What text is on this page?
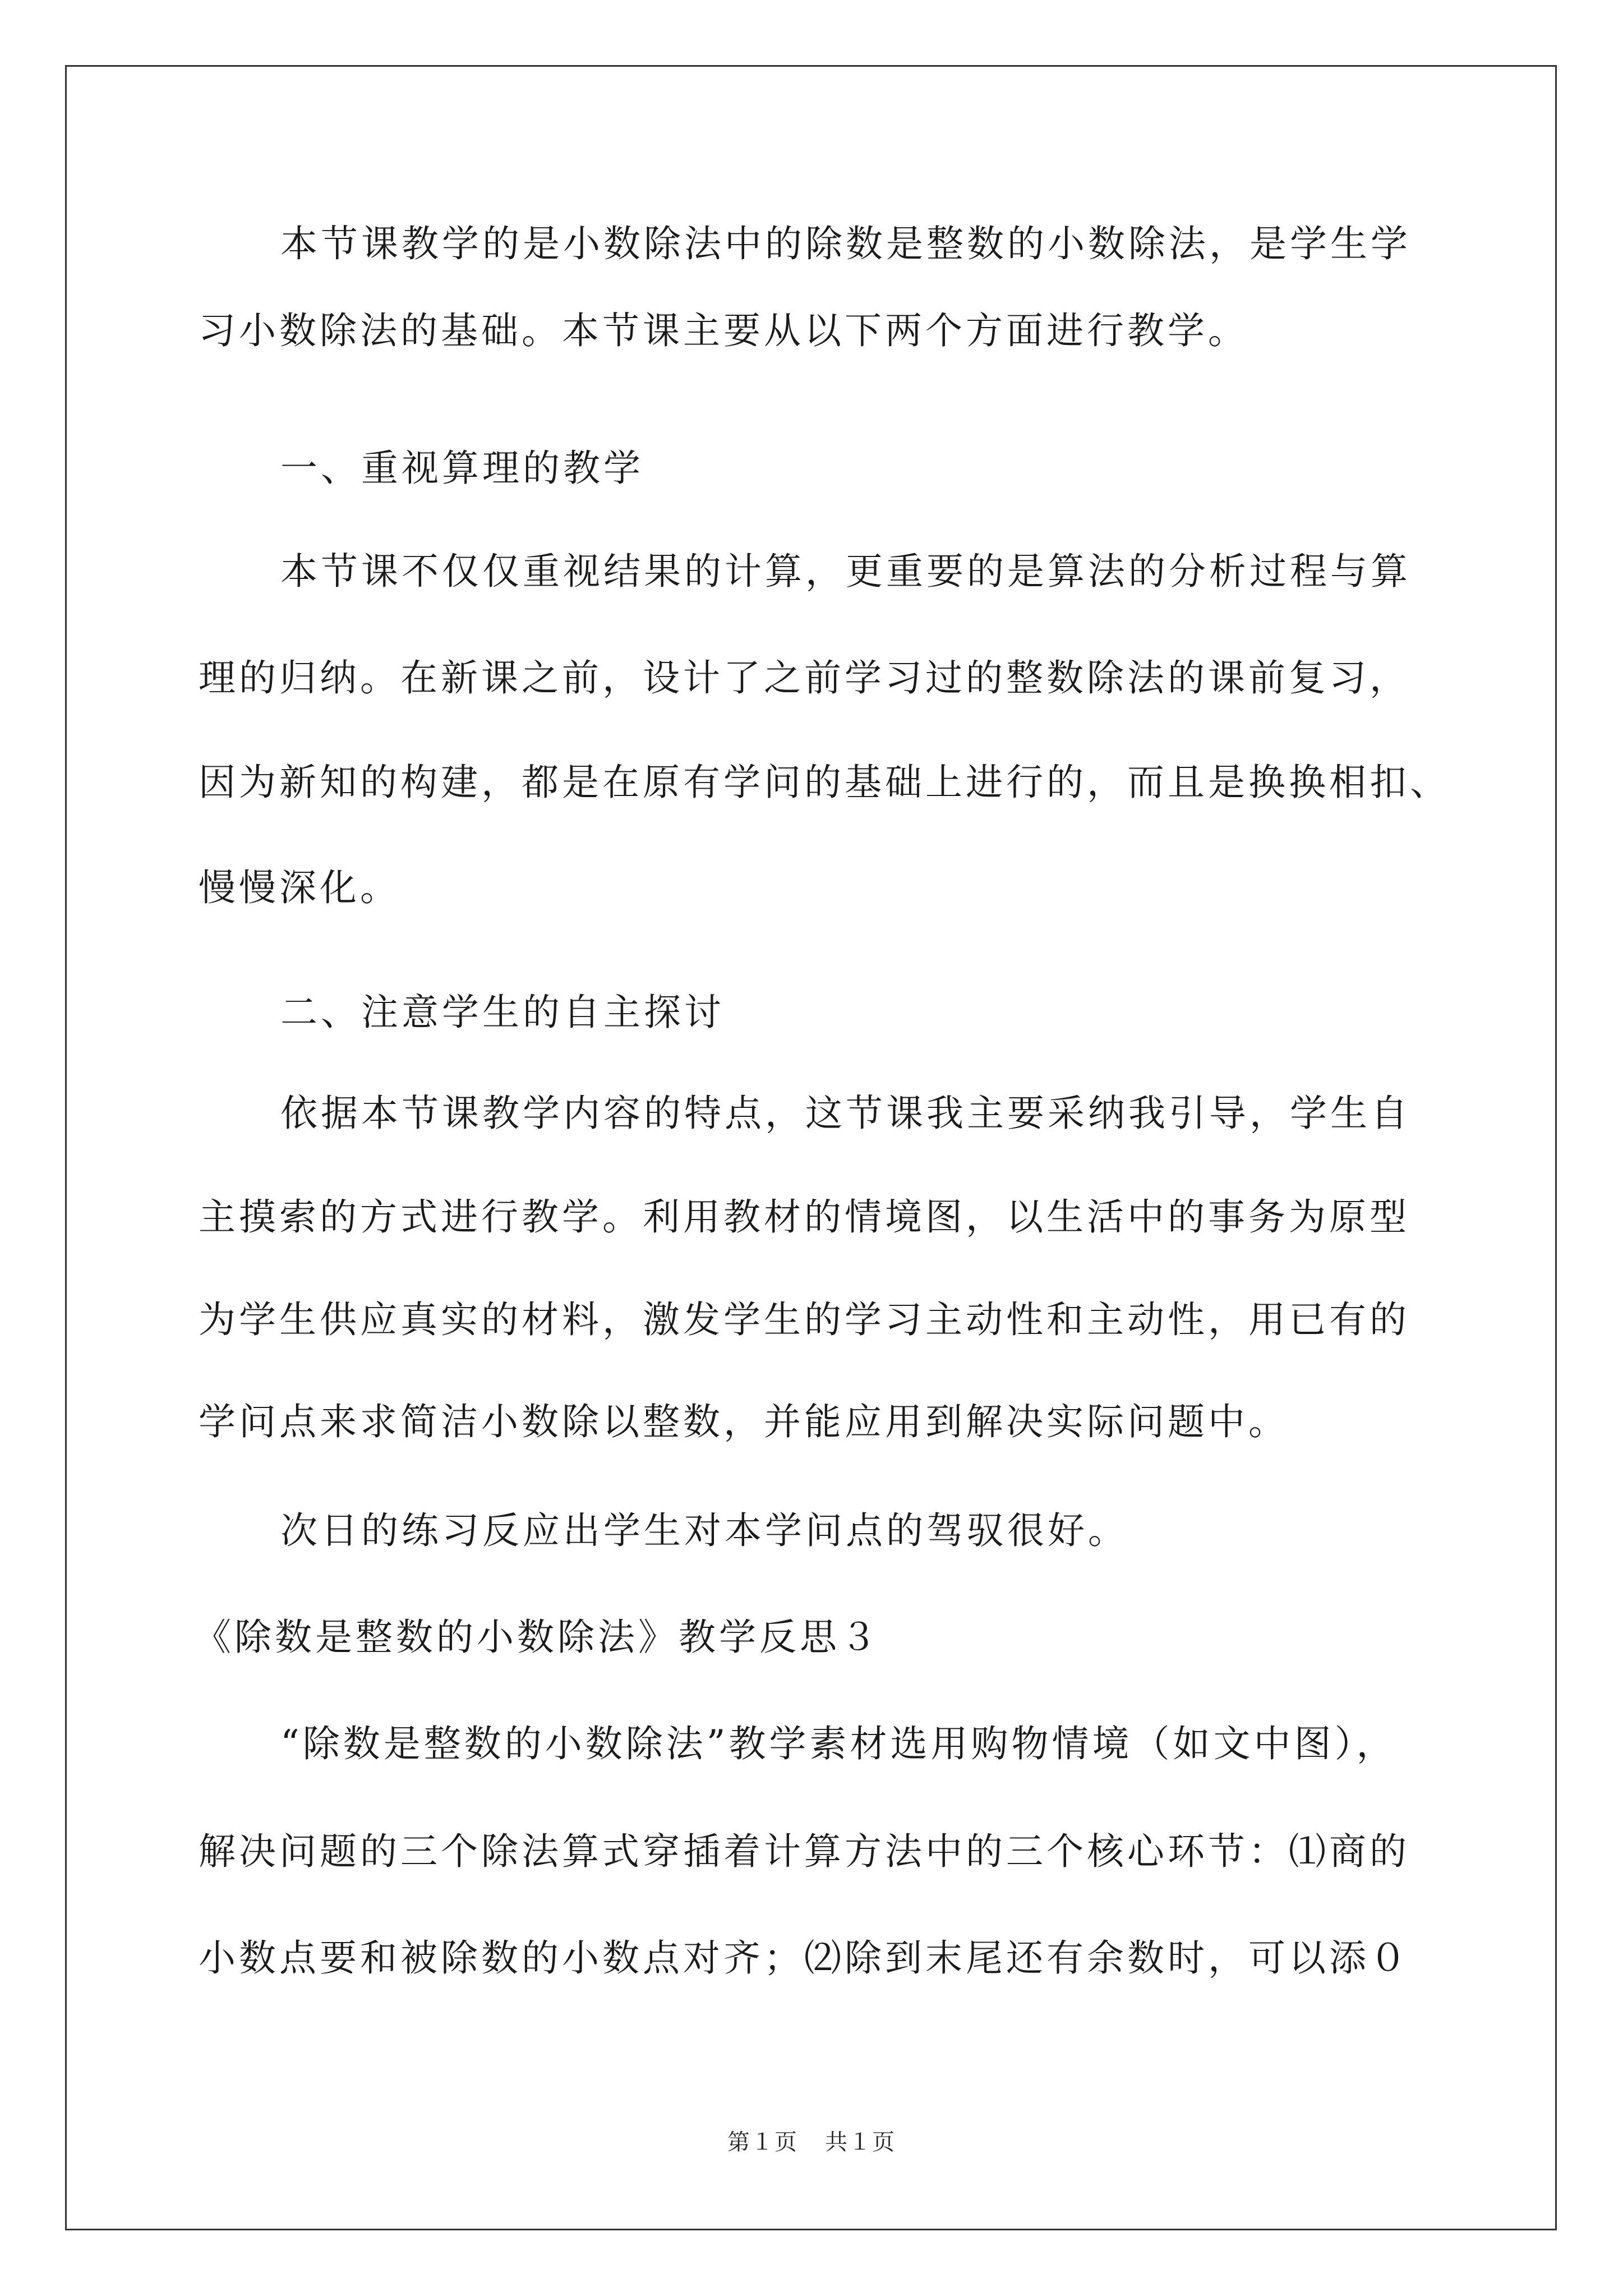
本节课教学的是小数除法中的除数是整数的小数除法，是学生学
习小数除法的基础。本节课主要从以下两个方面进行教学。
一、重视算理的教学
本节课不仅仅重视结果的计算，更重要的是算法的分析过程与算
理的归纳。在新课之前，设计了之前学习过的整数除法的课前复习，
因为新知的构建，都是在原有学问的基础上进行的，而且是换换相扣、
慢慢深化。
二、注意学生的自主探讨
依据本节课教学内容的特点，这节课我主要采纳我引导，学生自
主摸索的方式进行教学。利用教材的情境图，以生活中的事务为原型
为学生供应真实的材料，激发学生的学习主动性和主动性，用已有的
学问点来求简洁小数除以整数，并能应用到解决实际问题中。
次日的练习反应出学生对本学问点的驾驭很好。
《除数是整数的小数除法》教学反思３
“除数是整数的小数除法”教学素材选用购物情境（如文中图），
解决问题的三个除法算式穿插着计算方法中的三个核心环节：⑴商的
小数点要和被除数的小数点对齐；⑵除到末尾还有余数时，可以添０
第１页 共１页
